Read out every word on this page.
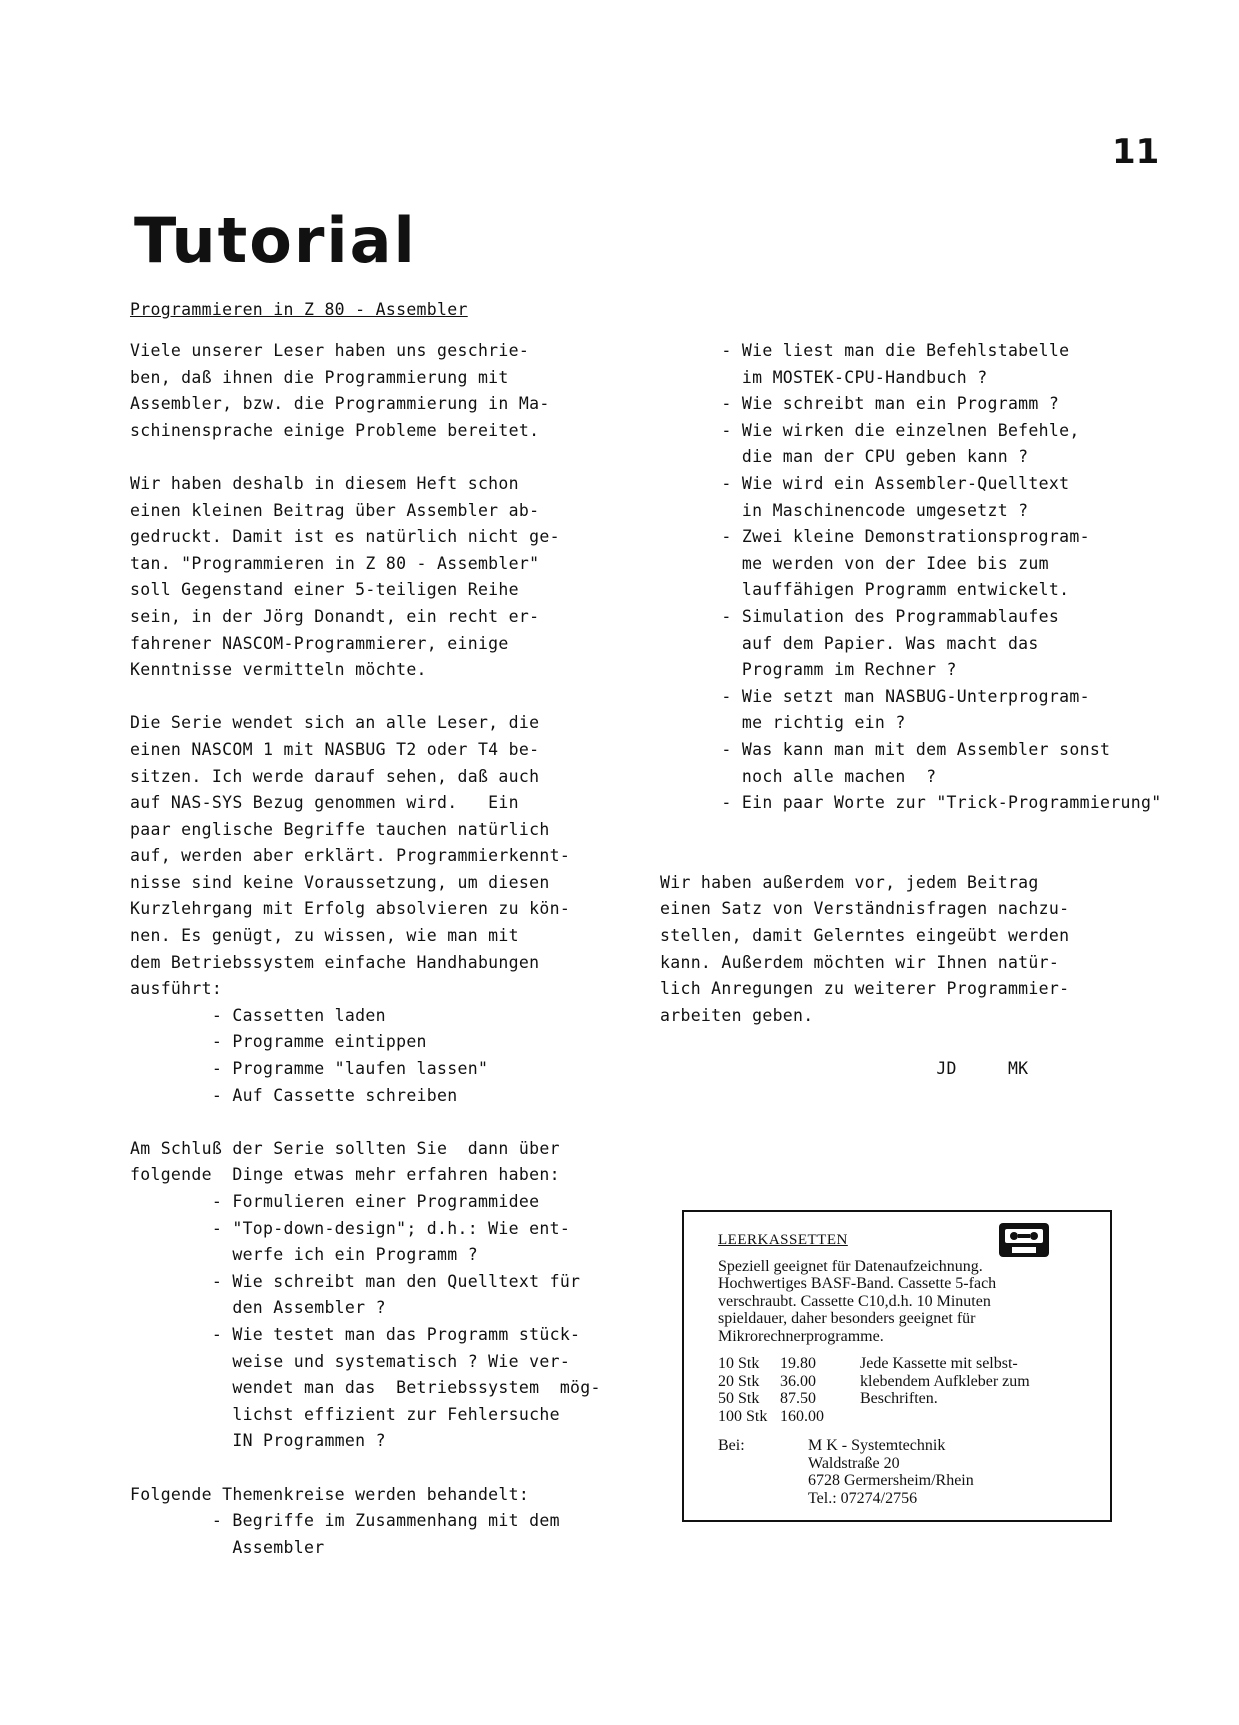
11
Tutorial
Programmieren in Z 80 - Assembler
Viele unserer Leser haben uns geschrie-
ben, daß ihnen die Programmierung mit
Assembler, bzw. die Programmierung in Ma-
schinensprache einige Probleme bereitet.
Wir haben deshalb in diesem Heft schon
einen kleinen Beitrag über Assembler ab-
gedruckt. Damit ist es natürlich nicht ge-
tan. "Programmieren in Z 80 - Assembler"
soll Gegenstand einer 5-teiligen Reihe
sein, in der Jörg Donandt, ein recht er-
fahrener NASCOM-Programmierer, einige
Kenntnisse vermitteln möchte.
Die Serie wendet sich an alle Leser, die
einen NASCOM 1 mit NASBUG T2 oder T4 be-
sitzen. Ich werde darauf sehen, daß auch
auf NAS-SYS Bezug genommen wird.   Ein
paar englische Begriffe tauchen natürlich
auf, werden aber erklärt. Programmierkennt-
nisse sind keine Voraussetzung, um diesen
Kurzlehrgang mit Erfolg absolvieren zu kön-
nen. Es genügt, zu wissen, wie man mit
dem Betriebssystem einfache Handhabungen
ausführt:
- Cassetten laden
- Programme eintippen
- Programme "laufen lassen"
- Auf Cassette schreiben
Am Schluß der Serie sollten Sie  dann über
folgende  Dinge etwas mehr erfahren haben:
- Formulieren einer Programmidee
- "Top-down-design"; d.h.: Wie ent-
werfe ich ein Programm ?
- Wie schreibt man den Quelltext für
den Assembler ?
- Wie testet man das Programm stück-
weise und systematisch ? Wie ver-
wendet man das  Betriebssystem  mög-
lichst effizient zur Fehlersuche
IN Programmen ?
Folgende Themenkreise werden behandelt:
- Begriffe im Zusammenhang mit dem
Assembler
- Wie liest man die Befehlstabelle
im MOSTEK-CPU-Handbuch ?
- Wie schreibt man ein Programm ?
- Wie wirken die einzelnen Befehle,
die man der CPU geben kann ?
- Wie wird ein Assembler-Quelltext
in Maschinencode umgesetzt ?
- Zwei kleine Demonstrationsprogram-
me werden von der Idee bis zum
lauffähigen Programm entwickelt.
- Simulation des Programmablaufes
auf dem Papier. Was macht das
Programm im Rechner ?
- Wie setzt man NASBUG-Unterprogram-
me richtig ein ?
- Was kann man mit dem Assembler sonst
noch alle machen  ?
- Ein paar Worte zur "Trick-Programmierung"
Wir haben außerdem vor, jedem Beitrag
einen Satz von Verständnisfragen nachzu-
stellen, damit Gelerntes eingeübt werden
kann. Außerdem möchten wir Ihnen natür-
lich Anregungen zu weiterer Programmier-
arbeiten geben.
JD     MK
LEERKASSETTEN
Speziell geeignet für Datenaufzeichnung.
Hochwertiges BASF-Band. Cassette 5-fach
verschraubt. Cassette C10,d.h. 10 Minuten
spieldauer, daher besonders geeignet für
Mikrorechnerprogramme.
10 Stk	19.80	Jede Kassette mit selbst-
20 Stk	36.00	klebendem Aufkleber zum
50 Stk	87.50	Beschriften.
100 Stk 160.00
Bei:	M K - Systemtechnik
Waldstraße 20
6728 Germersheim/Rhein
Tel.: 07274/2756
